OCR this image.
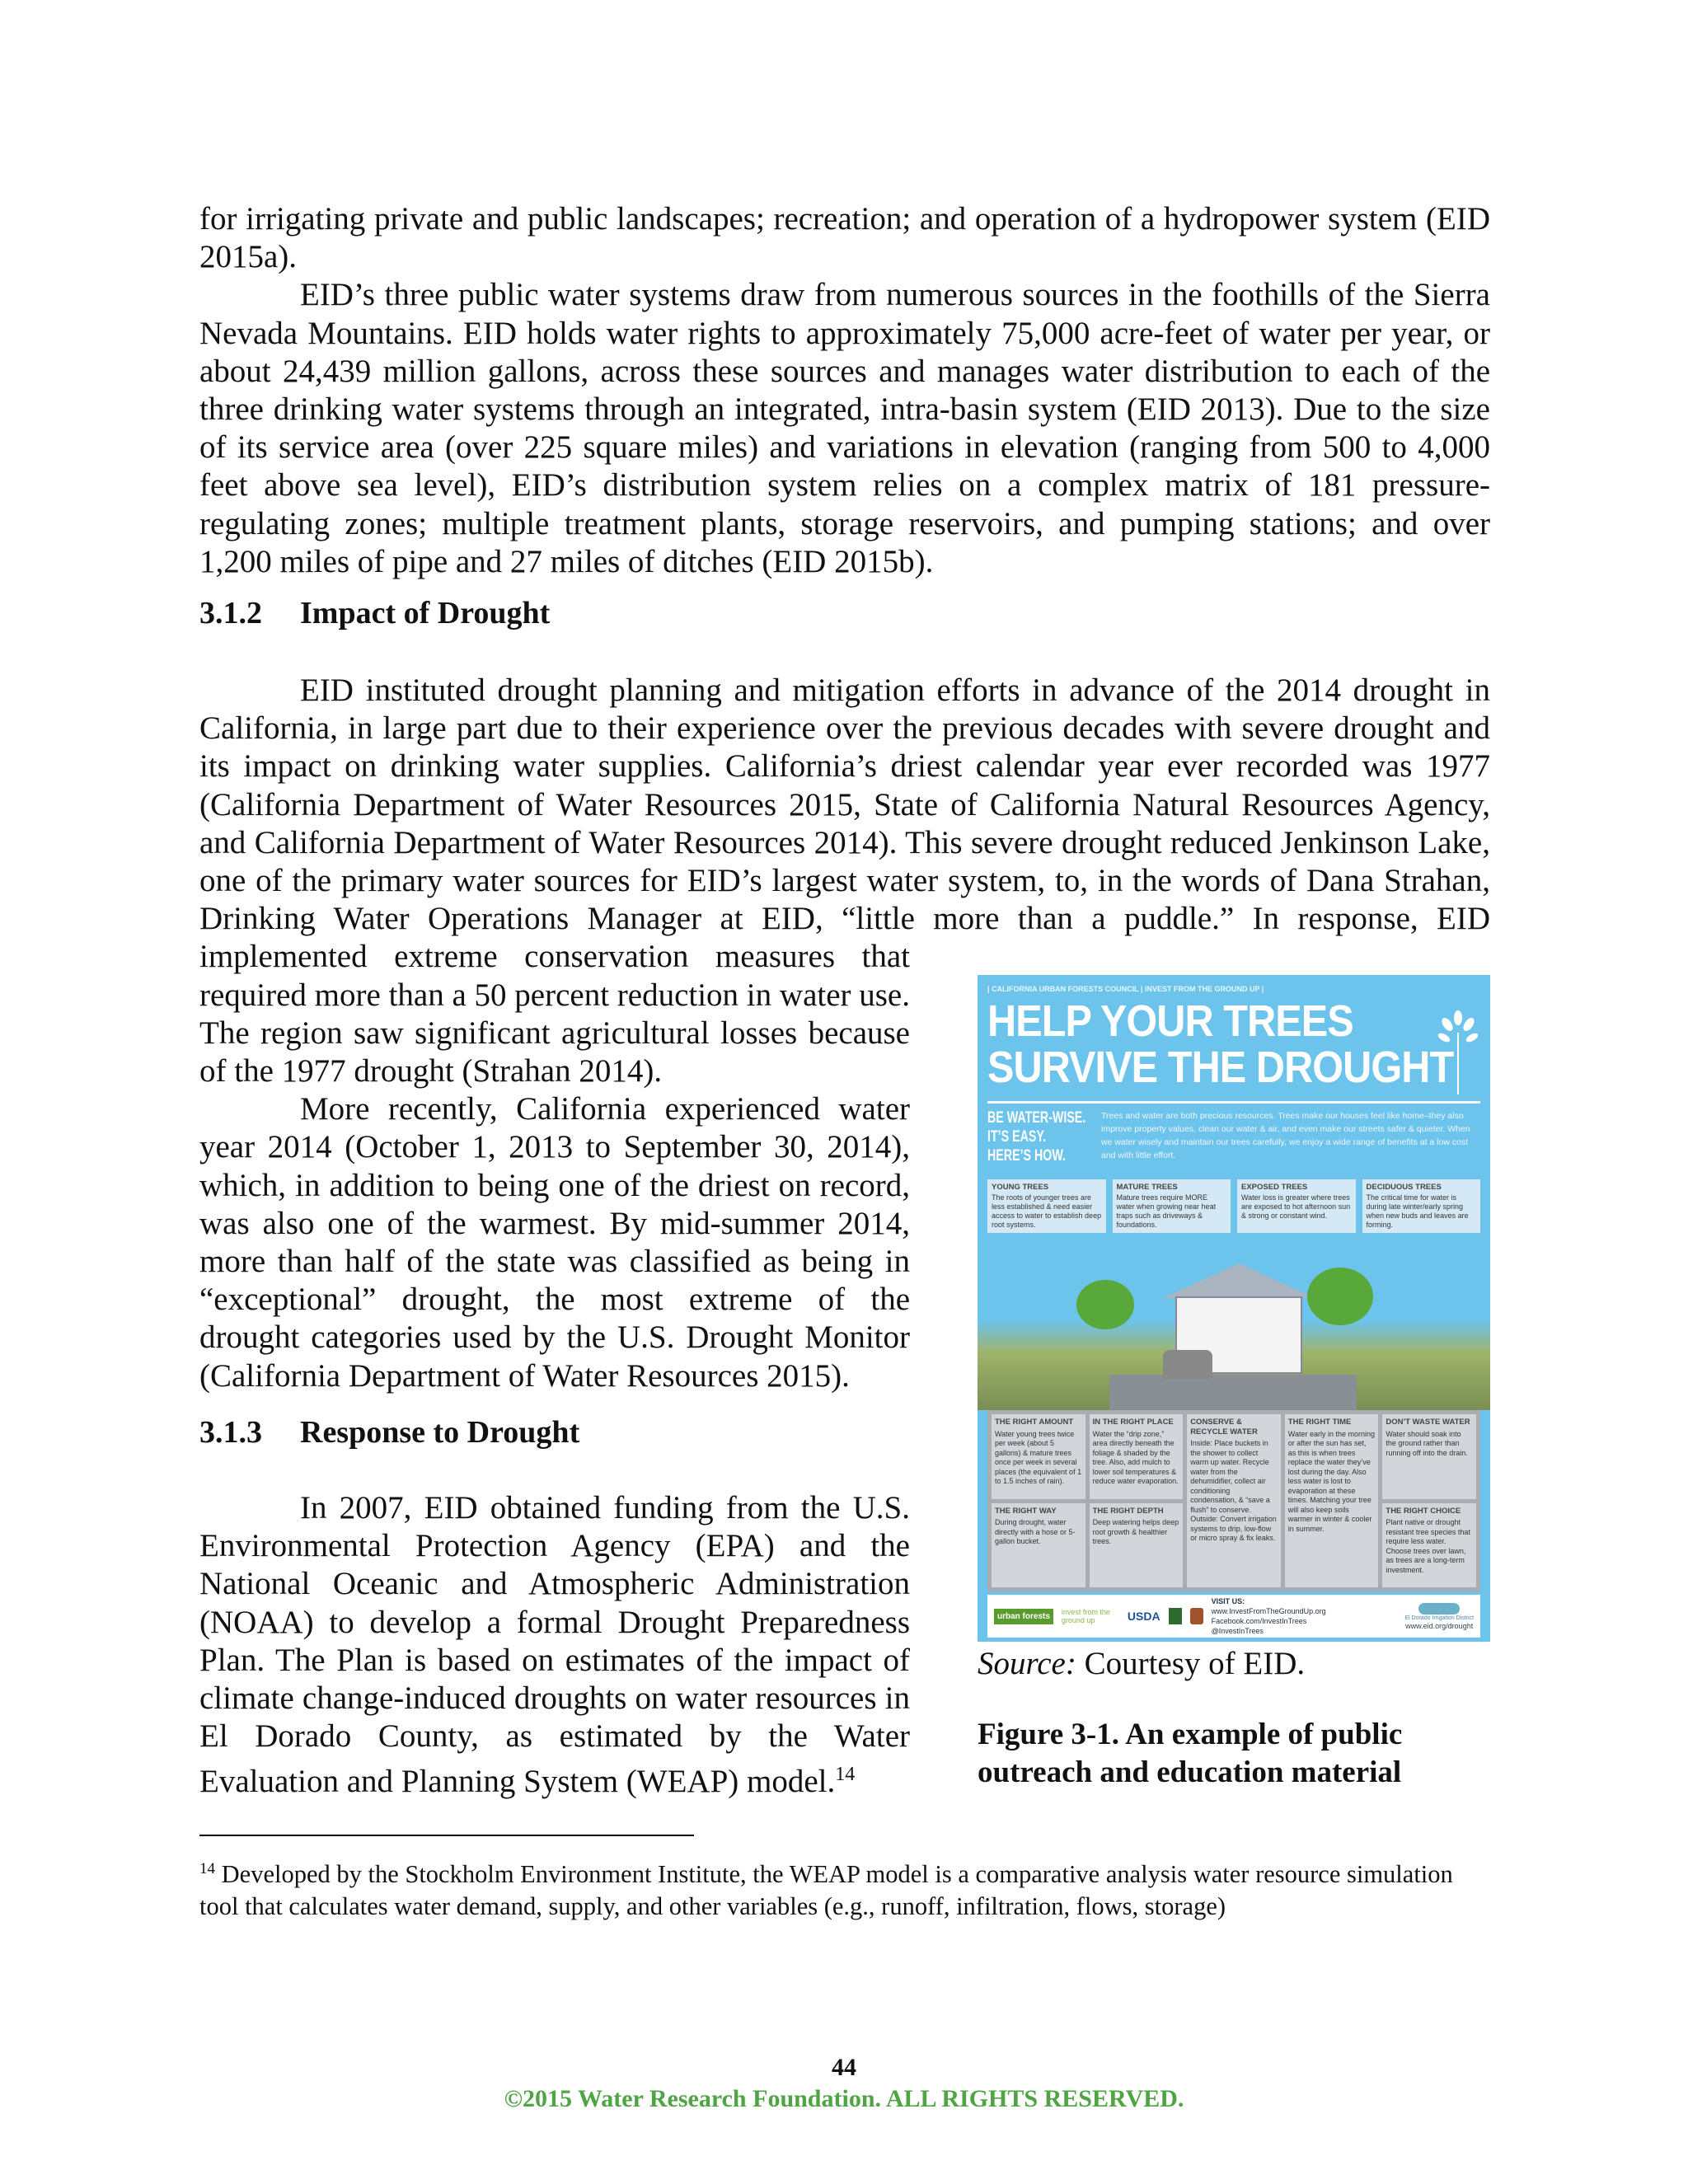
for irrigating private and public landscapes; recreation; and operation of a hydropower system (EID 2015a).

EID’s three public water systems draw from numerous sources in the foothills of the Sierra Nevada Mountains. EID holds water rights to approximately 75,000 acre-feet of water per year, or about 24,439 million gallons, across these sources and manages water distribution to each of the three drinking water systems through an integrated, intra-basin system (EID 2013). Due to the size of its service area (over 225 square miles) and variations in elevation (ranging from 500 to 4,000 feet above sea level), EID’s distribution system relies on a complex matrix of 181 pressure-regulating zones; multiple treatment plants, storage reservoirs, and pumping stations; and over 1,200 miles of pipe and 27 miles of ditches (EID 2015b).

3.1.2 Impact of Drought

EID instituted drought planning and mitigation efforts in advance of the 2014 drought in California, in large part due to their experience over the previous decades with severe drought and its impact on drinking water supplies. California’s driest calendar year ever recorded was 1977 (California Department of Water Resources 2015, State of California Natural Resources Agency, and California Department of Water Resources 2014). This severe drought reduced Jenkinson Lake, one of the primary water sources for EID’s largest water system, to, in the words of Dana Strahan, Drinking Water Operations Manager at EID, “little more than a puddle.” In response, EID

implemented extreme conservation measures that required more than a 50 percent reduction in water use. The region saw significant agricultural losses because of the 1977 drought (Strahan 2014).

More recently, California experienced water year 2014 (October 1, 2013 to September 30, 2014), which, in addition to being one of the driest on record, was also one of the warmest. By mid-summer 2014, more than half of the state was classified as being in “exceptional” drought, the most extreme of the drought categories used by the U.S. Drought Monitor (California Department of Water Resources 2015).

3.1.3 Response to Drought

In 2007, EID obtained funding from the U.S. Environmental Protection Agency (EPA) and the National Oceanic and Atmospheric Administration (NOAA) to develop a formal Drought Preparedness Plan. The Plan is based on estimates of the impact of climate change-induced droughts on water resources in El Dorado County, as estimated by the Water Evaluation and Planning System (WEAP) model.$^{14}$

| CALIFORNIA URBAN FORESTS COUNCIL | INVEST FROM THE GROUND UP |
HELP YOUR TREES
SURVIVE THE DROUGHT
BE WATER-WISE.
IT’S EASY.
HERE’S HOW.
Trees and water are both precious resources. Trees make our houses feel like home–they also improve property values, clean our water & air, and even make our streets safer & quieter. When we water wisely and maintain our trees carefully, we enjoy a wide range of benefits at a low cost and with little effort.
YOUNG TREES
The roots of younger trees are less established & need easier access to water to establish deep root systems.
MATURE TREES
Mature trees require MORE water when growing near heat traps such as driveways & foundations.
EXPOSED TREES
Water loss is greater where trees are exposed to hot afternoon sun & strong or constant wind.
DECIDUOUS TREES
The critical time for water is during late winter/early spring when new buds and leaves are forming.
THE RIGHT AMOUNT
Water young trees twice per week (about 5 gallons) & mature trees once per week in several places (the equivalent of 1 to 1.5 inches of rain).
IN THE RIGHT PLACE
Water the “drip zone,” area directly beneath the foliage & shaded by the tree. Also, add mulch to lower soil temperatures & reduce water evaporation.
CONSERVE & RECYCLE WATER
Inside: Place buckets in the shower to collect warm up water. Recycle water from the dehumidifier, collect air conditioning condensation, & “save a flush” to conserve. Outside: Convert irrigation systems to drip, low-flow or micro spray & fix leaks.
THE RIGHT TIME
Water early in the morning or after the sun has set, as this is when trees replace the water they’ve lost during the day. Also less water is lost to evaporation at these times. Matching your tree will also keep soils warmer in winter & cooler in summer.
DON’T WASTE WATER
Water should soak into the ground rather than running off into the drain.
THE RIGHT WAY
During drought, water directly with a hose or 5-gallon bucket.
THE RIGHT DEPTH
Deep watering helps deep root growth & healthier trees.
THE RIGHT CHOICE
Plant native or drought resistant tree species that require less water. Choose trees over lawn, as trees are a long-term investment.
urban forests	invest from the ground up	USDA
VISIT US:
www.InvestFromTheGroundUp.org
Facebook.com/InvestInTrees
@InvestInTrees
El Dorado Irrigation District
www.eid.org/drought
Source: Courtesy of EID.
Figure 3-1. An example of public
outreach and education material
$^{14}$ Developed by the Stockholm Environment Institute, the WEAP model is a comparative analysis water resource simulation tool that calculates water demand, supply, and other variables (e.g., runoff, infiltration, flows, storage)
44
©2015 Water Research Foundation. ALL RIGHTS RESERVED.
